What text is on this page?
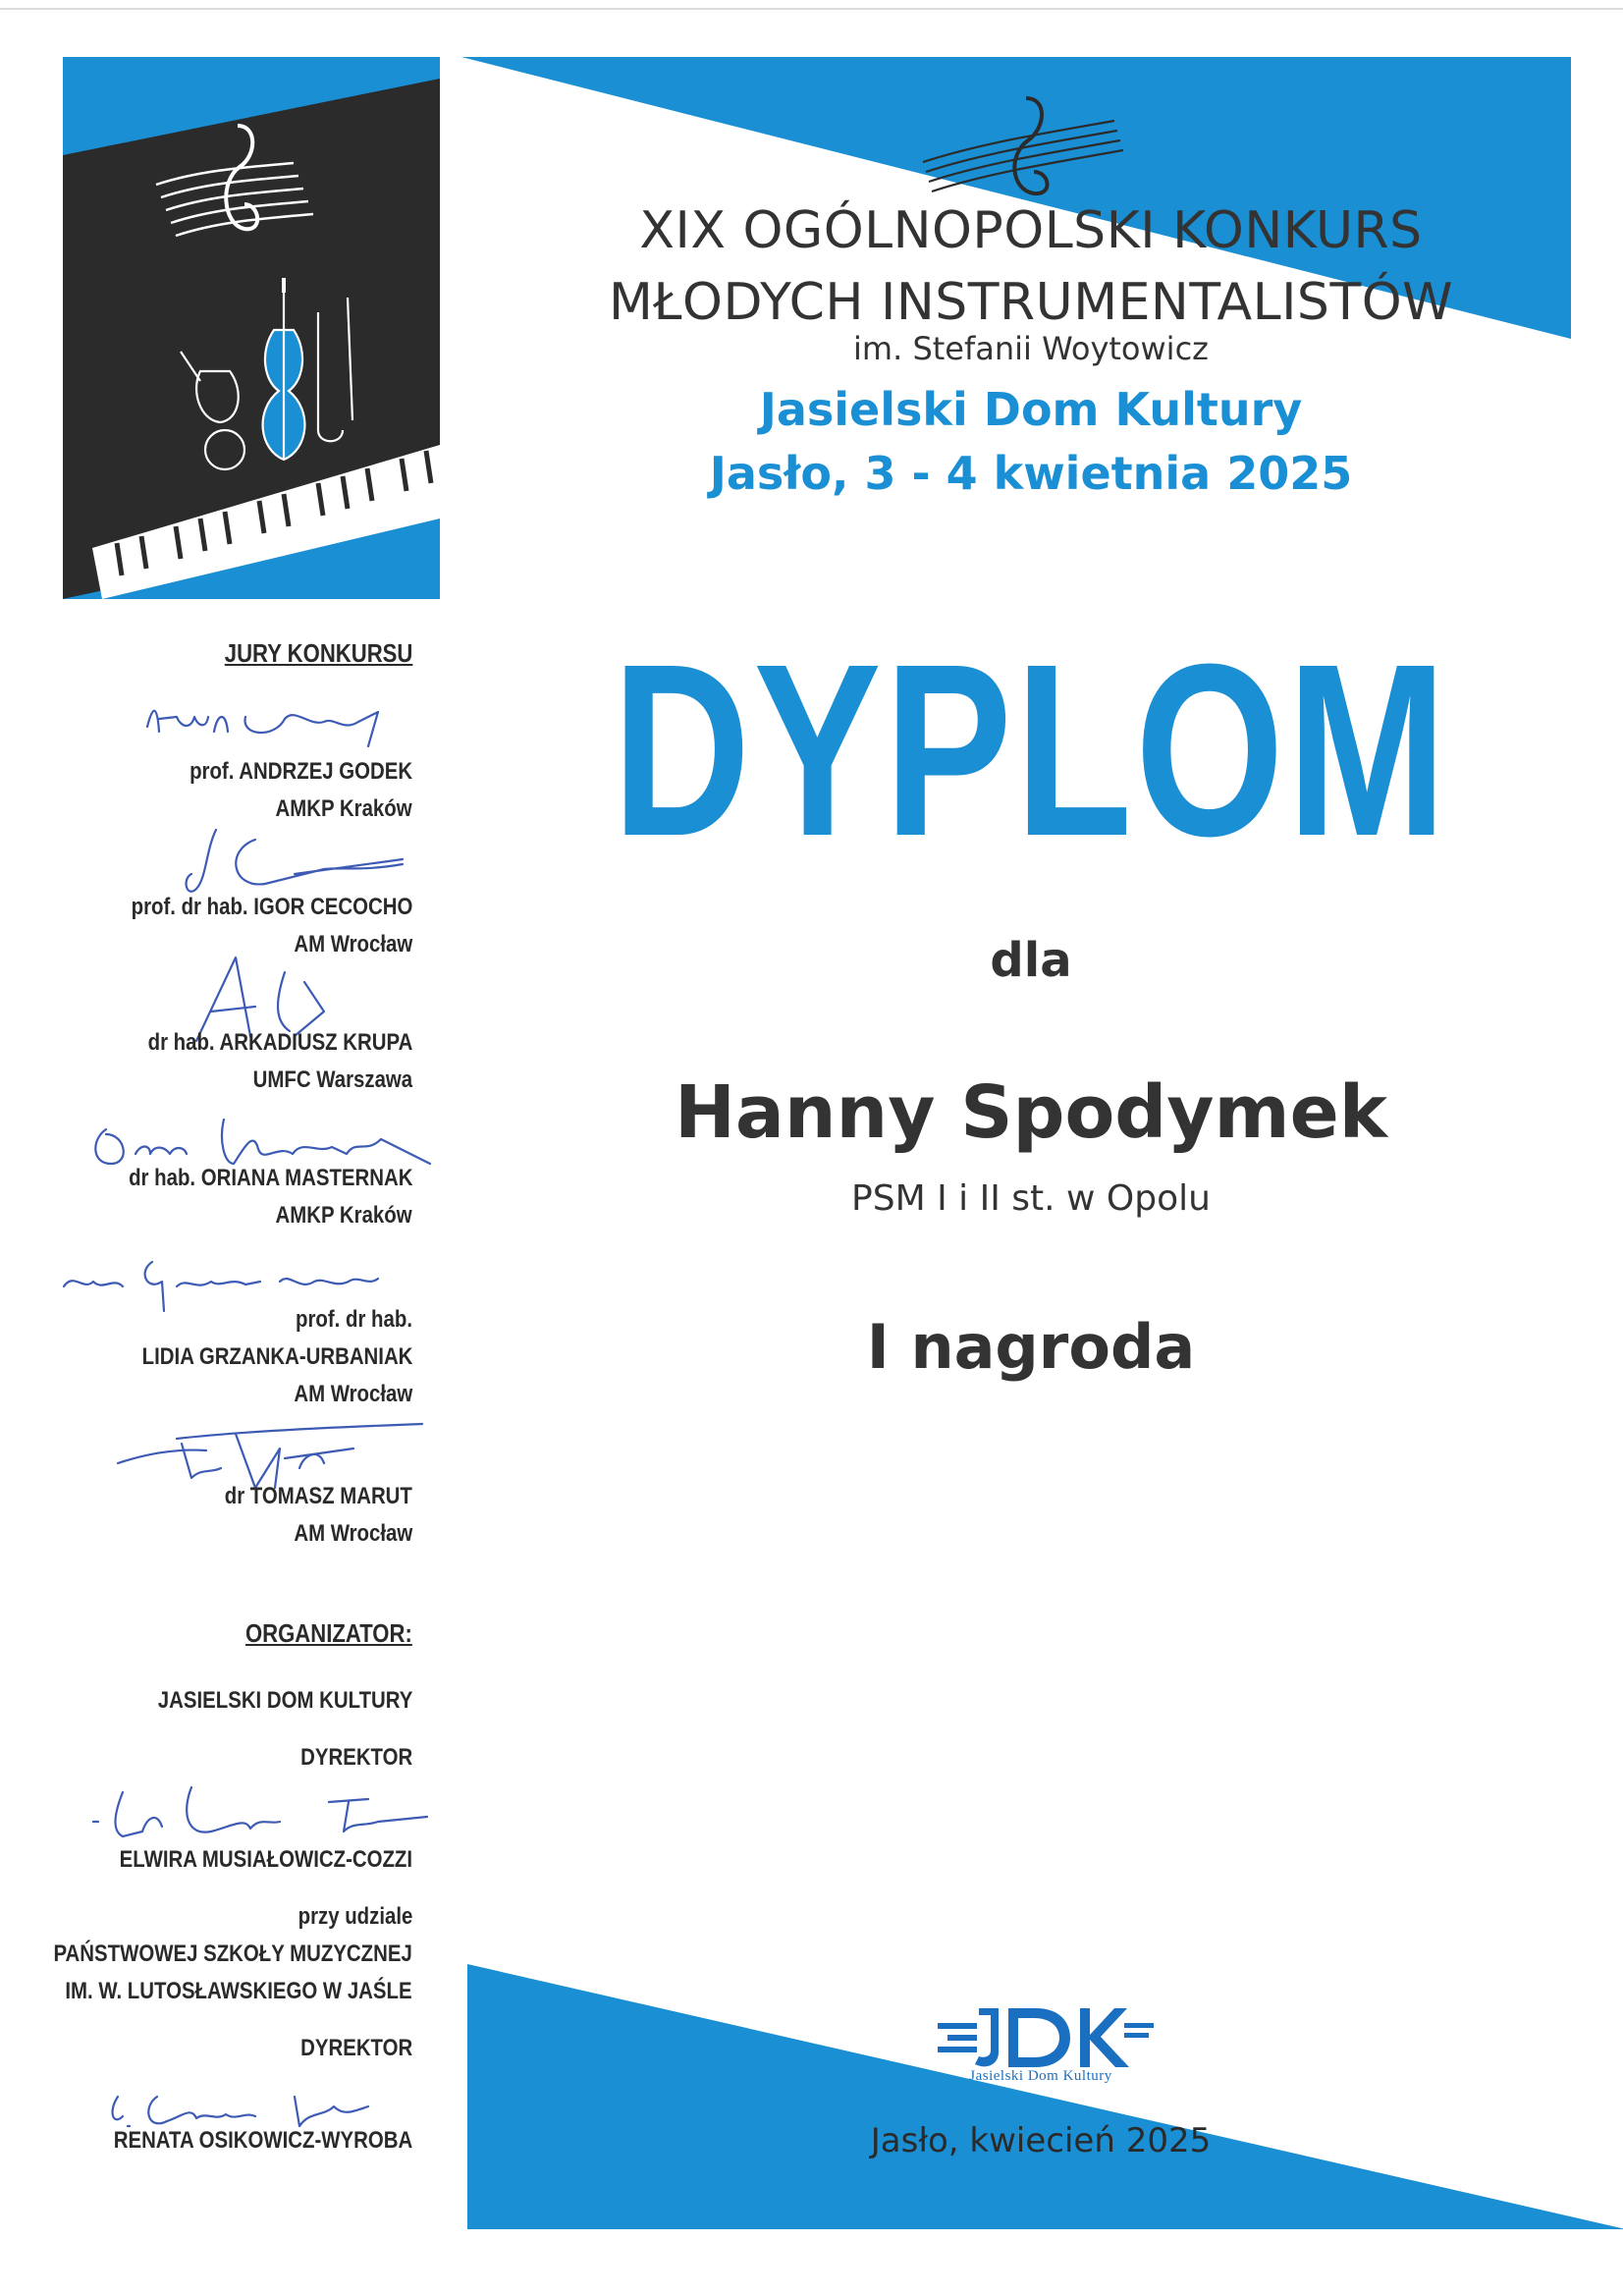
XIX OGÓLNOPOLSKI KONKURS
MŁODYCH INSTRUMENTALISTÓW
im. Stefanii Woytowicz
Jasielski Dom Kultury
Jasło, 3 - 4 kwietnia 2025
DYPLOM
dla
Hanny Spodymek
PSM I i II st. w Opolu
I nagroda
JURY KONKURSU
prof. ANDRZEJ GODEK
AMKP Kraków
prof. dr hab. IGOR CECOCHO
AM Wrocław
dr hab. ARKADIUSZ KRUPA
UMFC Warszawa
dr hab. ORIANA MASTERNAK
AMKP Kraków
prof. dr hab.
LIDIA GRZANKA-URBANIAK
AM Wrocław
dr TOMASZ MARUT
AM Wrocław
ORGANIZATOR:
JASIELSKI DOM KULTURY
DYREKTOR
ELWIRA MUSIAŁOWICZ-COZZI
przy udziale
PAŃSTWOWEJ SZKOŁY MUZYCZNEJ
IM. W. LUTOSŁAWSKIEGO W JAŚLE
DYREKTOR
RENATA OSIKOWICZ-WYROBA
Jasielski Dom Kultury
Jasło, kwiecień 2025
